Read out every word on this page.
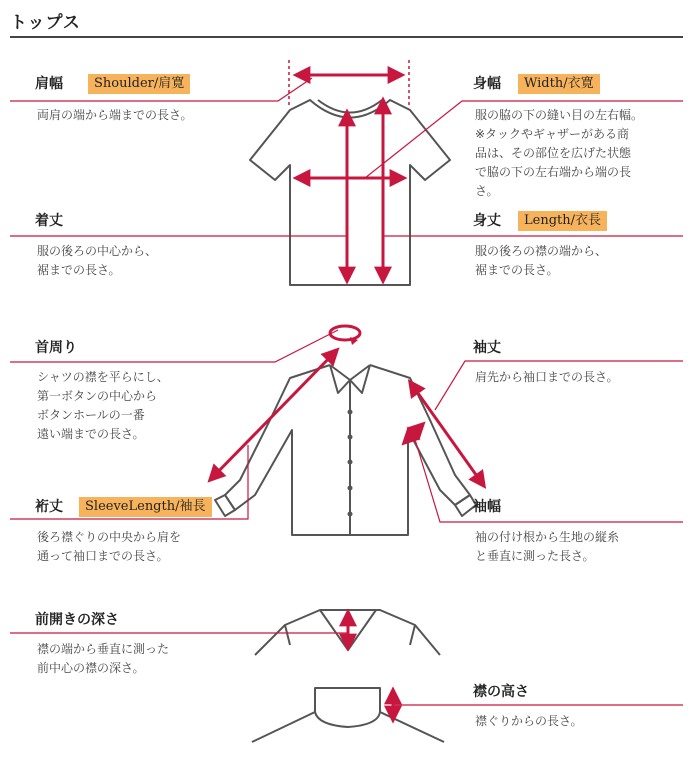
トップス
肩幅	Shoulder/肩寛
両肩の端から端までの長さ。
身幅	Width/衣寛
服の脇の下の縫い目の左右幅。
※タックやギャザーがある商
品は、その部位を広げた状態
で脇の下の左右端から端の長
さ。
着丈
服の後ろの中心から、
裾までの長さ。
身丈	Length/衣長
服の後ろの襟の端から、
裾までの長さ。
首周り
シャツの襟を平らにし、
第一ボタンの中心から
ボタンホールの一番
遠い端までの長さ。
袖丈
肩先から袖口までの長さ。
裄丈	SleeveLength/袖長
後ろ襟ぐりの中央から肩を
通って袖口までの長さ。
袖幅
袖の付け根から生地の縦糸
と垂直に測った長さ。
前開きの深さ
襟の端から垂直に測った
前中心の襟の深さ。
襟の高さ
襟ぐりからの長さ。
